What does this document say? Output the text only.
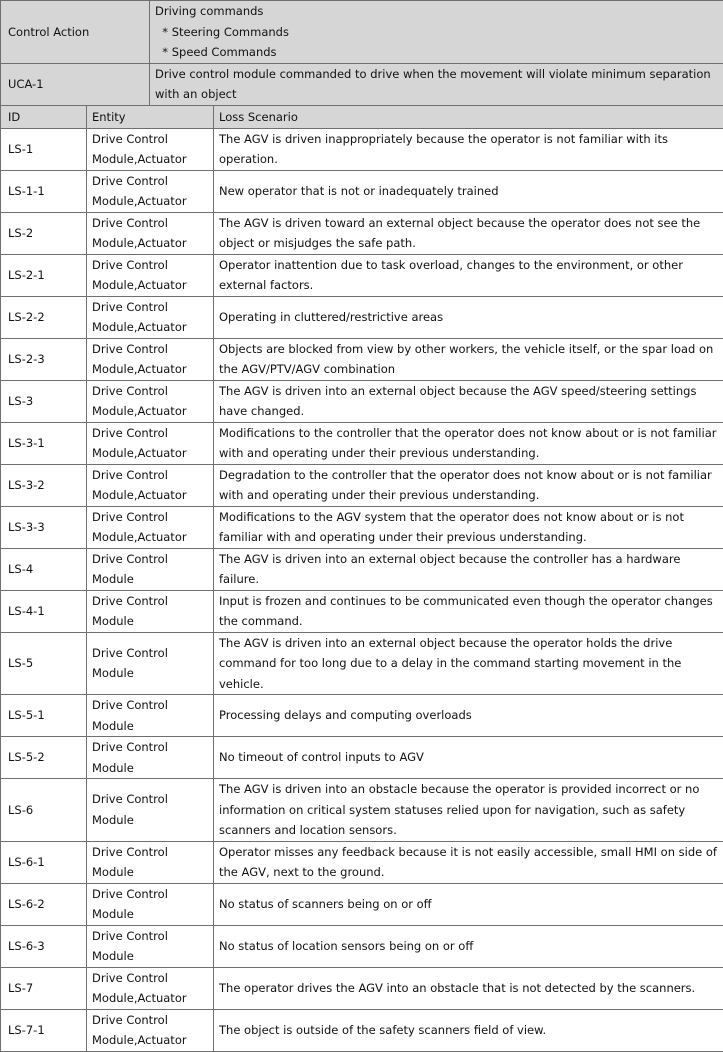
Control Action		Driving commands
* Steering Commands
* Speed Commands	

UCA-1		Drive control module commanded to drive when the movement will violate minimum separation with an object	
ID	Entity		Loss Scenario
LS-1	Drive Control Module,Actuator		The AGV is driven inappropriately because the operator is not familiar with its operation.
LS-1-1	Drive Control Module,Actuator		New operator that is not or inadequately trained
LS-2	Drive Control Module,Actuator		The AGV is driven toward an external object because the operator does not see the object or misjudges the safe path.
LS-2-1	Drive Control Module,Actuator		Operator inattention due to task overload, changes to the environment, or other external factors.
LS-2-2	Drive Control Module,Actuator		Operating in cluttered/restrictive areas
LS-2-3	Drive Control Module,Actuator		Objects are blocked from view by other workers, the vehicle itself, or the spar load on the AGV/PTV/AGV combination
LS-3	Drive Control Module,Actuator		The AGV is driven into an external object because the AGV speed/steering settings have changed.
LS-3-1	Drive Control Module,Actuator		Modifications to the controller that the operator does not know about or is not familiar with and operating under their previous understanding.
LS-3-2	Drive Control Module,Actuator		Degradation to the controller that the operator does not know about or is not familiar with and operating under their previous understanding.
LS-3-3	Drive Control Module,Actuator		Modifications to the AGV system that the operator does not know about or is not familiar with and operating under their previous understanding.
LS-4	Drive Control Module		The AGV is driven into an external object because the controller has a hardware failure.
LS-4-1	Drive Control Module		Input is frozen and continues to be communicated even though the operator changes the command.
LS-5	Drive Control Module		The AGV is driven into an external object because the operator holds the drive command for too long due to a delay in the command starting movement in the vehicle.
LS-5-1	Drive Control Module		Processing delays and computing overloads
LS-5-2	Drive Control Module		No timeout of control inputs to AGV
LS-6	Drive Control Module		The AGV is driven into an obstacle because the operator is provided incorrect or no information on critical system statuses relied upon for navigation, such as safety scanners and location sensors.
LS-6-1	Drive Control Module		Operator misses any feedback because it is not easily accessible, small HMI on side of the AGV, next to the ground.
LS-6-2	Drive Control Module		No status of scanners being on or off
LS-6-3	Drive Control Module		No status of location sensors being on or off
LS-7	Drive Control Module,Actuator		The operator drives the AGV into an obstacle that is not detected by the scanners.
LS-7-1	Drive Control Module,Actuator		The object is outside of the safety scanners field of view.
